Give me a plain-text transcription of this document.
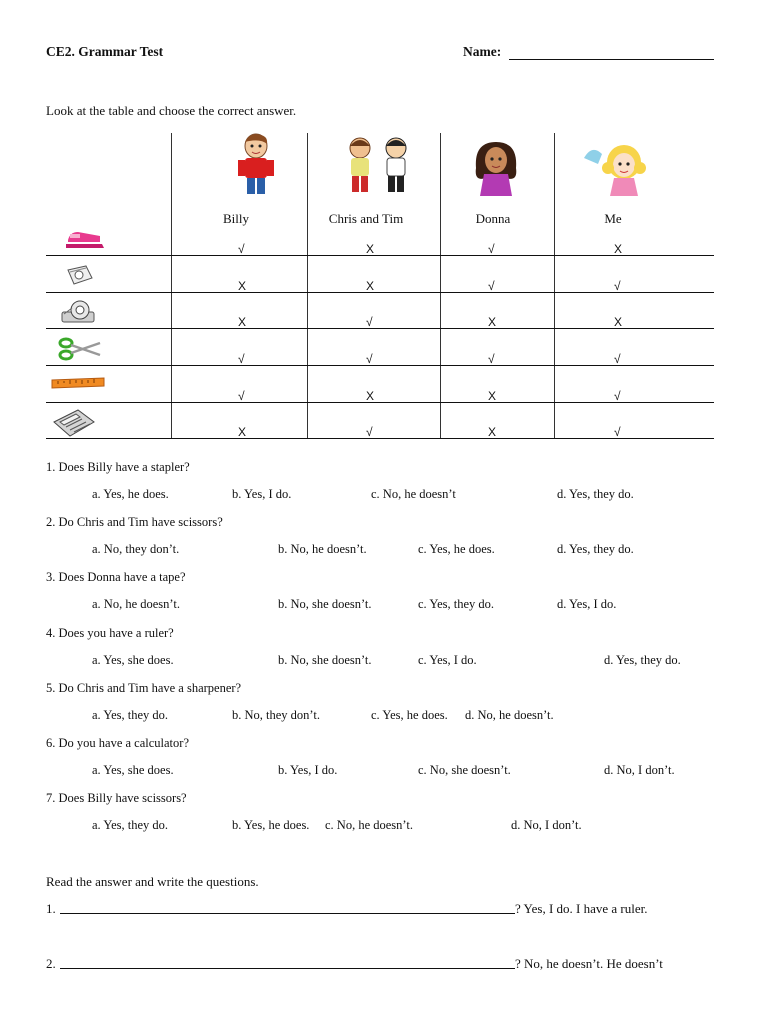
CE2. Grammar Test	Name:
Look at the table and choose the correct answer.
Billy	Chris and Tim	Donna	Me
√	X	√	X
X	X	√	√
X	√	X	X
√	√	√	√
√	X	X	√
X	√	X	√
1. Does Billy have a stapler?
a. Yes, he does.	b. Yes, I do.	c. No, he doesn’t	d. Yes, they do.
2. Do Chris and Tim have scissors?
a. No, they don’t.	b. No, he doesn’t.	c. Yes, he does.	d. Yes, they do.
3. Does Donna have a tape?
a. No, he doesn’t.	b. No, she doesn’t.	c. Yes, they do.	d. Yes, I do.
4. Does you have a ruler?
a. Yes, she does.	b. No, she doesn’t.	c. Yes, I do.	d. Yes, they do.
5. Do Chris and Tim have a sharpener?
a. Yes, they do.	b. No, they don’t.	c. Yes, he does. d. No, he doesn’t.
6. Do you have a calculator?
a. Yes, she does.	b. Yes, I do.	c. No, she doesn’t.	d. No, I don’t.
7. Does Billy have scissors?
a. Yes, they do.	b. Yes, he does. c. No, he doesn’t.	d. No, I don’t.
Read the answer and write the questions.
1.	? Yes, I do. I have a ruler.
2.	? No, he doesn’t. He doesn’t
